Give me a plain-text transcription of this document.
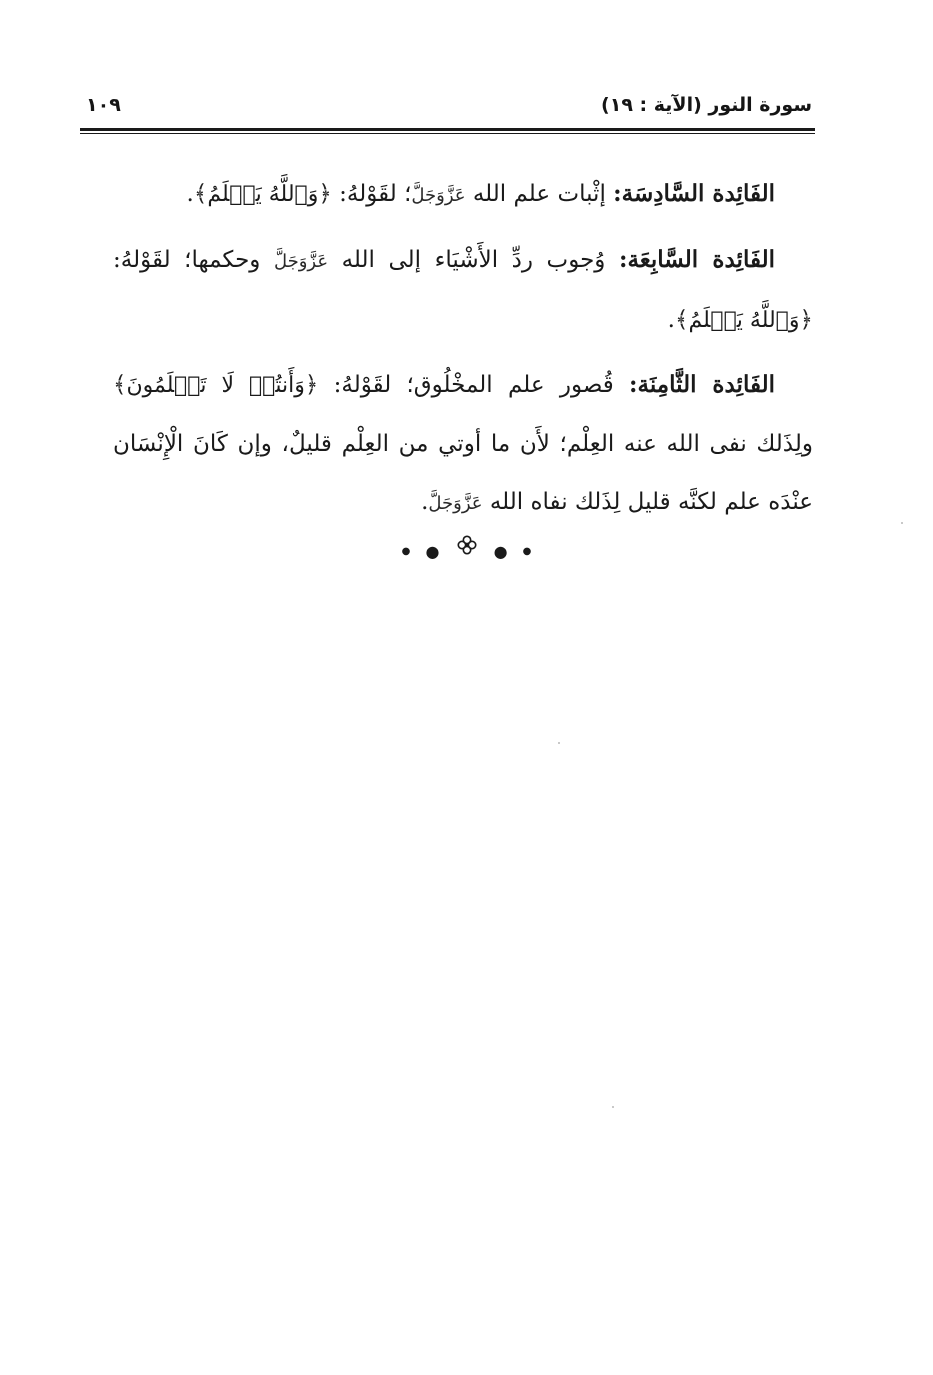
سورة النور (الآية : ١٩)
١٠٩

الفَائِدة السَّادِسَة: إثْبات علم الله عَزَّوَجَلَّ؛ لقَوْلهُ: ﴿وَٱللَّهُ يَعۡلَمُ﴾.

الفَائِدة السَّابِعَة: وُجوب ردِّ الأَشْيَاء إلى الله عَزَّوَجَلَّ وحكمها؛ لقَوْلهُ: ﴿وَٱللَّهُ يَعۡلَمُ﴾.

الفَائِدة الثَّامِنَة: قُصور علم المخْلُوق؛ لقَوْلهُ: ﴿وَأَنتُمۡ لَا تَعۡلَمُونَ﴾ ولِذَلك نفى الله عنه العِلْم؛ لأَن ما أوتي من العِلْم قليلٌ، وإن كَانَ الْإِنْسَان عنْدَه علم لكنَّه قليل لِذَلك نفاه الله عَزَّوَجَلَّ.

● ●	● ●
